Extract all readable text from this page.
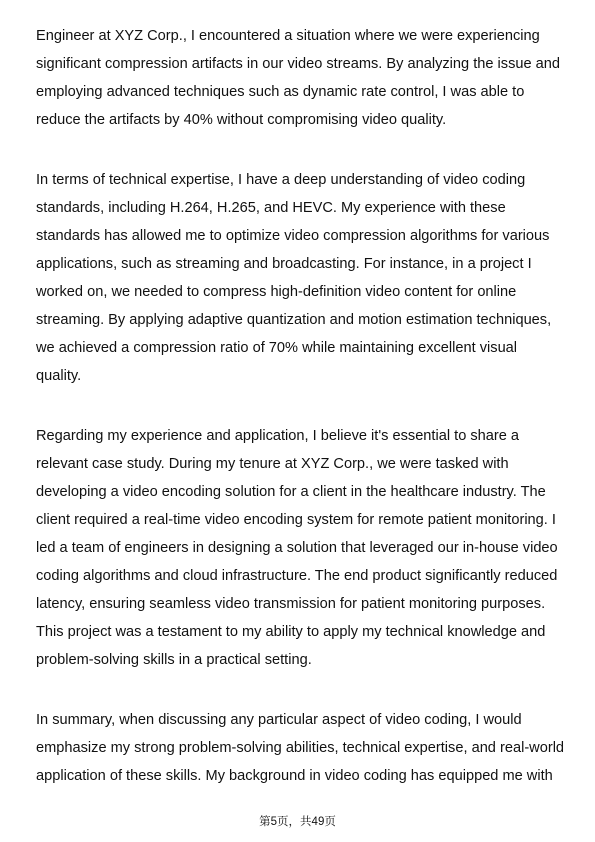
Engineer at XYZ Corp., I encountered a situation where we were experiencing
significant compression artifacts in our video streams. By analyzing the issue and
employing advanced techniques such as dynamic rate control, I was able to
reduce the artifacts by 40% without compromising video quality.
In terms of technical expertise, I have a deep understanding of video coding
standards, including H.264, H.265, and HEVC. My experience with these
standards has allowed me to optimize video compression algorithms for various
applications, such as streaming and broadcasting. For instance, in a project I
worked on, we needed to compress high-definition video content for online
streaming. By applying adaptive quantization and motion estimation techniques,
we achieved a compression ratio of 70% while maintaining excellent visual
quality.
Regarding my experience and application, I believe it's essential to share a
relevant case study. During my tenure at XYZ Corp., we were tasked with
developing a video encoding solution for a client in the healthcare industry. The
client required a real-time video encoding system for remote patient monitoring. I
led a team of engineers in designing a solution that leveraged our in-house video
coding algorithms and cloud infrastructure. The end product significantly reduced
latency, ensuring seamless video transmission for patient monitoring purposes.
This project was a testament to my ability to apply my technical knowledge and
problem-solving skills in a practical setting.
In summary, when discussing any particular aspect of video coding, I would
emphasize my strong problem-solving abilities, technical expertise, and real-world
application of these skills. My background in video coding has equipped me with
第5页，共49页
